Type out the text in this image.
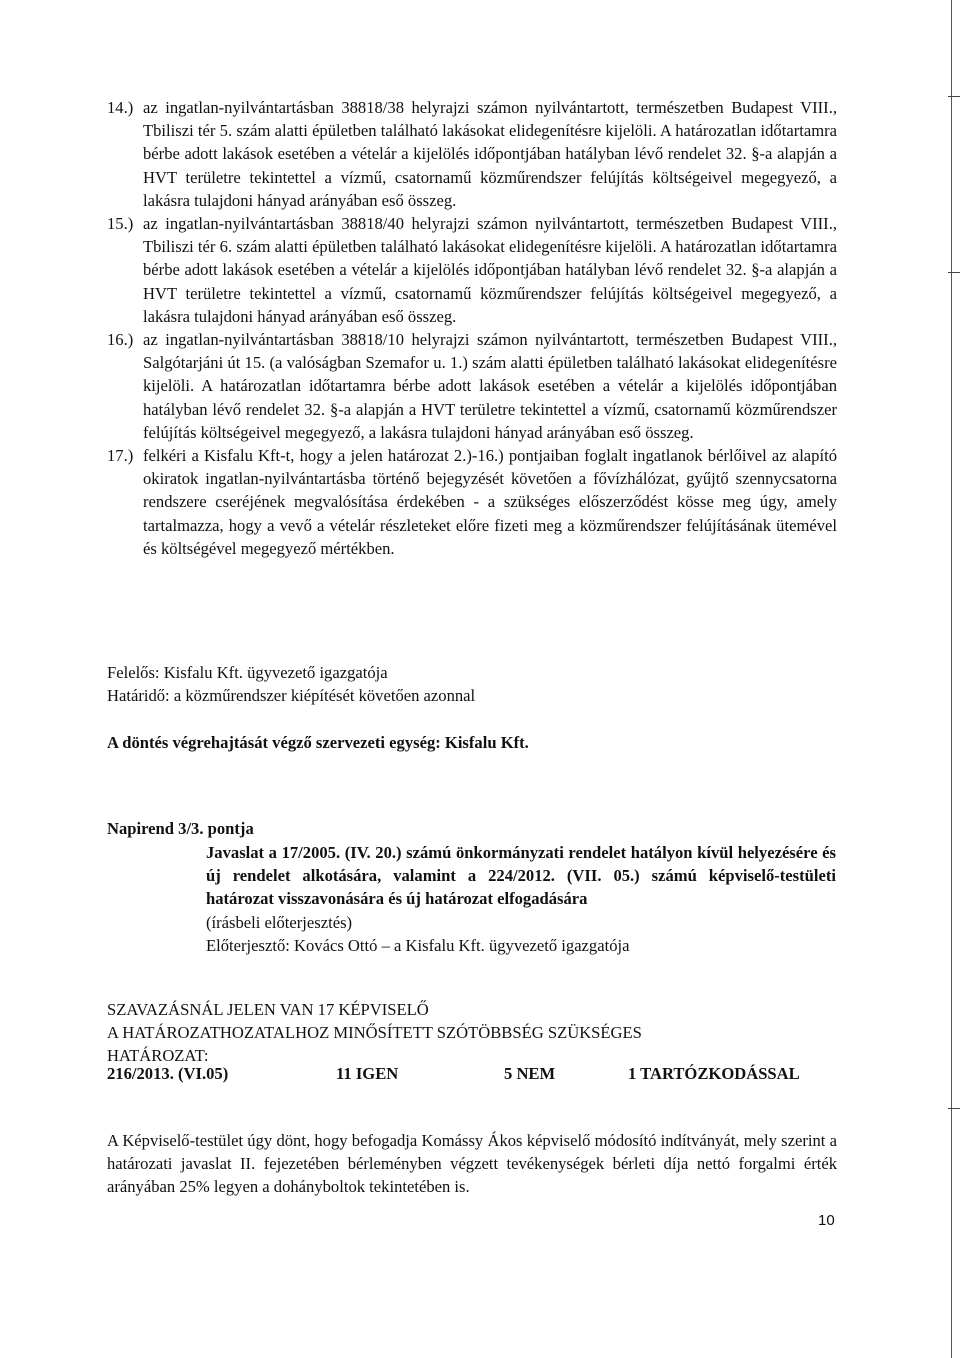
14.) az ingatlan-nyilvántartásban 38818/38 helyrajzi számon nyilvántartott, természetben Budapest VIII., Tbiliszi tér 5. szám alatti épületben található lakásokat elidegenítésre kijelöli. A határozatlan időtartamra bérbe adott lakások esetében a vételár a kijelölés időpontjában hatályban lévő rendelet 32. §-a alapján a HVT területre tekintettel a vízmű, csatornamű közműrendszer felújítás költségeivel megegyező, a lakásra tulajdoni hányad arányában eső összeg.
15.) az ingatlan-nyilvántartásban 38818/40 helyrajzi számon nyilvántartott, természetben Budapest VIII., Tbiliszi tér 6. szám alatti épületben található lakásokat elidegenítésre kijelöli. A határozatlan időtartamra bérbe adott lakások esetében a vételár a kijelölés időpontjában hatályban lévő rendelet 32. §-a alapján a HVT területre tekintettel a vízmű, csatornamű közműrendszer felújítás költségeivel megegyező, a lakásra tulajdoni hányad arányában eső összeg.
16.) az ingatlan-nyilvántartásban 38818/10 helyrajzi számon nyilvántartott, természetben Budapest VIII., Salgótarjáni út 15. (a valóságban Szemafor u. 1.) szám alatti épületben található lakásokat elidegenítésre kijelöli. A határozatlan időtartamra bérbe adott lakások esetében a vételár a kijelölés időpontjában hatályban lévő rendelet 32. §-a alapján a HVT területre tekintettel a vízmű, csatornamű közműrendszer felújítás költségeivel megegyező, a lakásra tulajdoni hányad arányában eső összeg.
17.) felkéri a Kisfalu Kft-t, hogy a jelen határozat 2.)-16.) pontjaiban foglalt ingatlanok bérlőivel az alapító okiratok ingatlan-nyilvántartásba történő bejegyzését követően a fővízhálózat, gyűjtő szennycsatorna rendszere cseréjének megvalósítása érdekében - a szükséges előszerződést kösse meg úgy, amely tartalmazza, hogy a vevő a vételár részleteket előre fizeti meg a közműrendszer felújításának ütemével és költségével megegyező mértékben.
Felelős: Kisfalu Kft. ügyvezető igazgatója
Határidő: a közműrendszer kiépítését követően azonnal
A döntés végrehajtását végző szervezeti egység: Kisfalu Kft.
Napirend 3/3. pontja
Javaslat a 17/2005. (IV. 20.) számú önkormányzati rendelet hatályon kívül helyezésére és új rendelet alkotására, valamint a 224/2012. (VII. 05.) számú képviselő-testületi határozat visszavonására és új határozat elfogadására
(írásbeli előterjesztés)
Előterjesztő: Kovács Ottó – a Kisfalu Kft. ügyvezető igazgatója
SZAVAZÁSNÁL JELEN VAN 17 KÉPVISELŐ
A HATÁROZATHOZATALHOZ MINŐSÍTETT SZÓTÖBBSÉG SZÜKSÉGES
HATÁROZAT:
216/2013. (VI.05)	11 IGEN	5 NEM	1 TARTÓZKODÁSSAL
A Képviselő-testület úgy dönt, hogy befogadja Komássy Ákos képviselő módosító indítványát, mely szerint a határozati javaslat II. fejezetében bérleményben végzett tevékenységek bérleti díja nettó forgalmi érték arányában 25% legyen a dohányboltok tekintetében is.
10
